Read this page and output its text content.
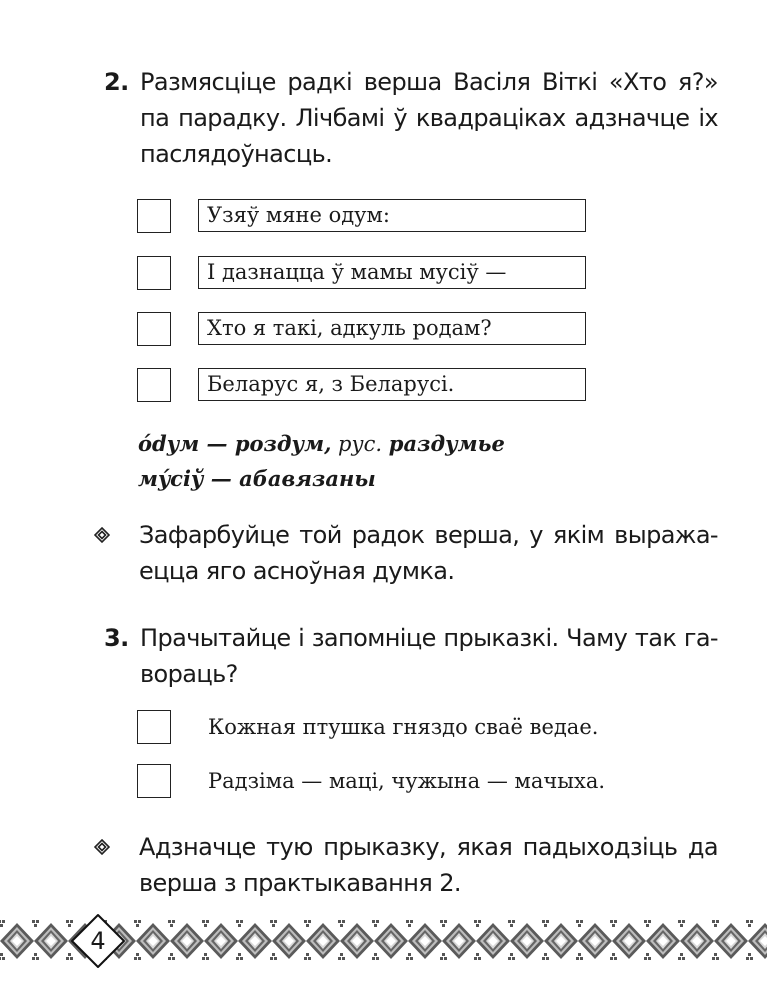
2. Размясціце радкі верша Васіля Віткі «Хто я?» па парадку. Лічбамі ў квадрацікаx адзначце іх паслядоўнасць.
Узяў мяне одум:
І дазнацца ў мамы мусіў —
Хто я такі, адкуль родам?
Беларус я, з Беларусі.
ódум — роздум, рус. раздумье
мýсіў — абавязаны
Зафарбуйце той радок верша, у якім выража-ецца яго асноўная думка.
3. Прачытайце і запомніце прыказкі. Чаму так га-вораць?
Кожная птушка гняздо сваё ведае.
Радзіма — маці, чужына — мачыха.
Адзначце тую прыказку, якая падыходзіць да верша з практыкавання 2.
4
